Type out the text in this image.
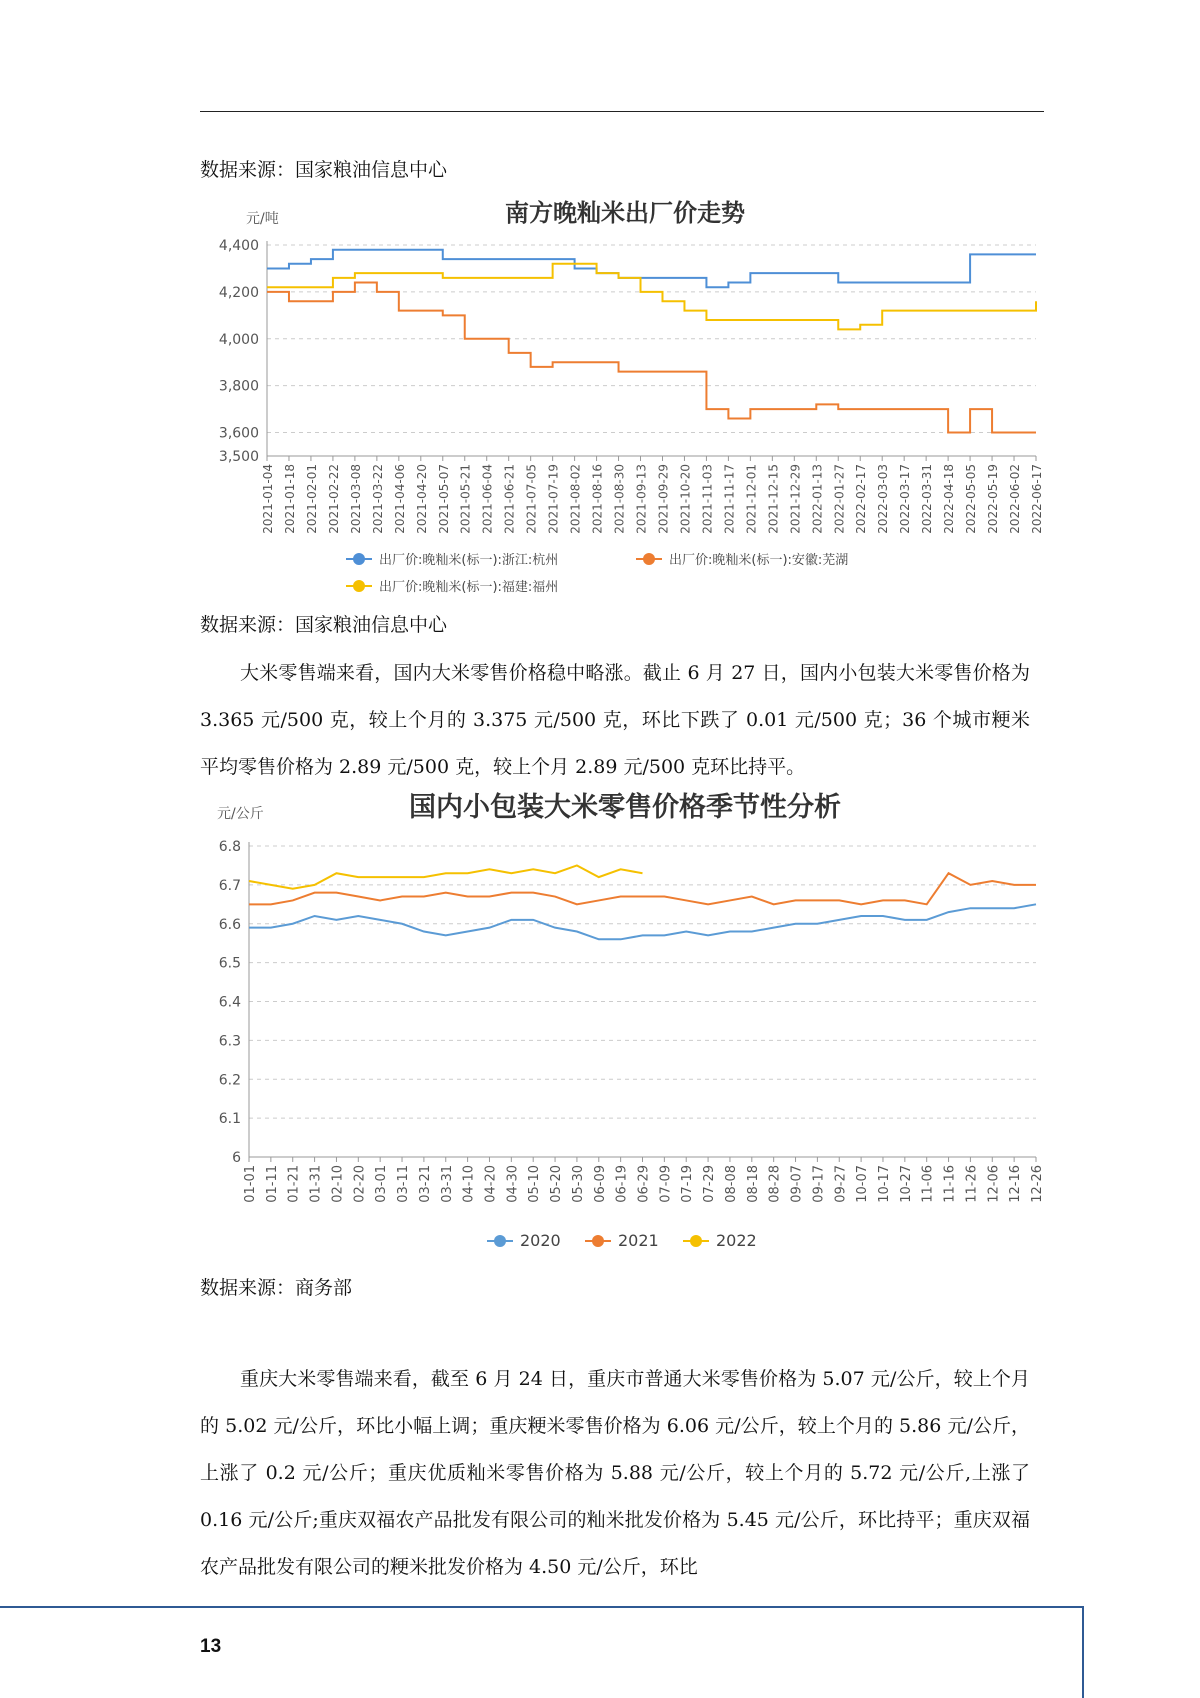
数据来源：国家粮油信息中心
南方晚籼米出厂价走势
元/吨
3,500
3,600
3,800
4,000
4,200
4,400
2021-01-04 2021-01-18 2021-02-01 2021-02-22 2021-03-08 2021-03-22 2021-04-06 2021-04-20 2021-05-07 2021-05-21 2021-06-04 2021-06-21 2021-07-05 2021-07-19 2021-08-02 2021-08-16 2021-08-30 2021-09-13 2021-09-29 2021-10-20 2021-11-03 2021-11-17 2021-12-01 2021-12-15 2021-12-29 2022-01-13 2022-01-27 2022-02-17 2022-03-03 2022-03-17 2022-03-31 2022-04-18 2022-05-05 2022-05-19 2022-06-02 2022-06-17
出厂价:晚籼米(标一):浙江:杭州	出厂价:晚籼米(标一):安徽:芜湖
出厂价:晚籼米(标一):福建:福州
数据来源：国家粮油信息中心

大米零售端来看，国内大米零售价格稳中略涨。截止 6 月 27 日，国内小包装大米零售价格为 3.365 元/500 克，较上个月的 3.375 元/500 克，环比下跌了 0.01 元/500 克；36 个城市粳米平均零售价格为 2.89 元/500 克，较上个月 2.89 元/500 克环比持平。

国内小包装大米零售价格季节性分析
元/公斤
6
6.1
6.2
6.3
6.4
6.5
6.6
6.7
6.8
01-01 01-11 01-21 01-31 02-10 02-20 03-01 03-11 03-21 03-31 04-10 04-20 04-30 05-10 05-20 05-30 06-09 06-19 06-29 07-09 07-19 07-29 08-08 08-18 08-28 09-07 09-17 09-27 10-07 10-17 10-27 11-06 11-16 11-26 12-06 12-16 12-26
2020	2021	2022
数据来源：商务部

重庆大米零售端来看，截至 6 月 24 日，重庆市普通大米零售价格为 5.07 元/公斤，较上个月的 5.02 元/公斤，环比小幅上调；重庆粳米零售价格为 6.06 元/公斤，较上个月的 5.86 元/公斤，上涨了 0.2 元/公斤；重庆优质籼米零售价格为 5.88 元/公斤，较上个月的 5.72 元/公斤,上涨了 0.16 元/公斤;重庆双福农产品批发有限公司的籼米批发价格为 5.45 元/公斤，环比持平；重庆双福农产品批发有限公司的粳米批发价格为 4.50 元/公斤，环比

13
